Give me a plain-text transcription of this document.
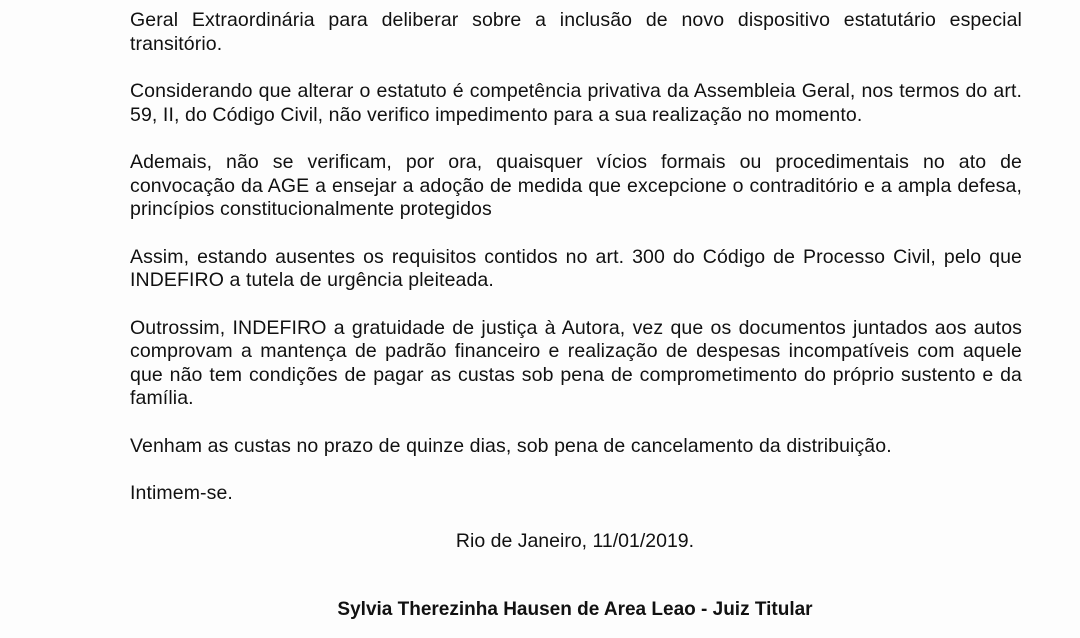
Geral Extraordinária para deliberar sobre a inclusão de novo dispositivo estatutário especial transitório.

Considerando que alterar o estatuto é competência privativa da Assembleia Geral, nos termos do art. 59, II, do Código Civil, não verifico impedimento para a sua realização no momento.

Ademais, não se verificam, por ora, quaisquer vícios formais ou procedimentais no ato de convocação da AGE a ensejar a adoção de medida que excepcione o contraditório e a ampla defesa, princípios constitucionalmente protegidos

Assim, estando ausentes os requisitos contidos no art. 300 do Código de Processo Civil, pelo que INDEFIRO a tutela de urgência pleiteada.

Outrossim, INDEFIRO a gratuidade de justiça à Autora, vez que os documentos juntados aos autos comprovam a mantença de padrão financeiro e realização de despesas incompatíveis com aquele que não tem condições de pagar as custas sob pena de comprometimento do próprio sustento e da família.

Venham as custas no prazo de quinze dias, sob pena de cancelamento da distribuição.

Intimem-se.

Rio de Janeiro, 11/01/2019.
Sylvia Therezinha Hausen de Area Leao - Juiz Titular
